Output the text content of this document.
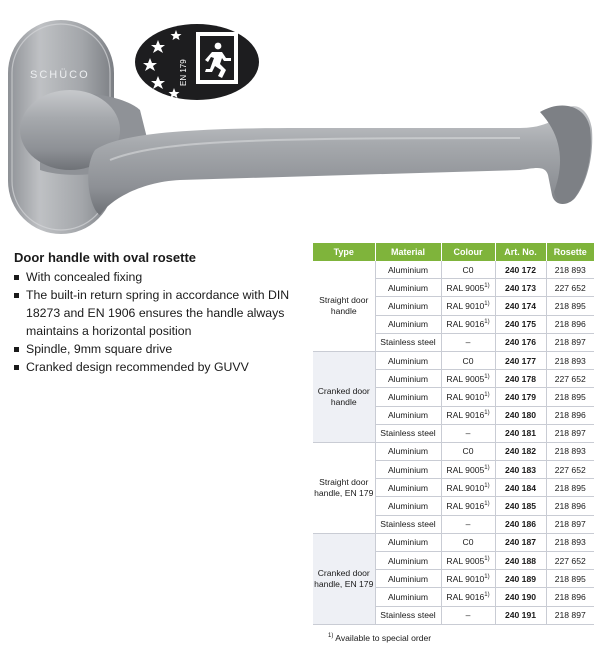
SCHÜCO	EN 179
Door handle with oval rosette
With concealed fixing
The built-in return spring in accordance with DIN 18273 and EN 1906 ensures the handle always maintains a horizontal position
Spindle, 9mm square drive
Cranked design recommended by GUVV
Type	Material	Colour	Art. No.	Rosette
Straight door handle	Aluminium	C0	240 172	218 893
	Aluminium	RAL 9005$^{1)}$	240 173	227 652
	Aluminium	RAL 9010$^{1)}$	240 174	218 895
	Aluminium	RAL 9016$^{1)}$	240 175	218 896
	Stainless steel	–	240 176	218 897
Cranked door handle	Aluminium	C0	240 177	218 893
	Aluminium	RAL 9005$^{1)}$	240 178	227 652
	Aluminium	RAL 9010$^{1)}$	240 179	218 895
	Aluminium	RAL 9016$^{1)}$	240 180	218 896
	Stainless steel	–	240 181	218 897
Straight door handle, EN 179	Aluminium	C0	240 182	218 893
	Aluminium	RAL 9005$^{1)}$	240 183	227 652
	Aluminium	RAL 9010$^{1)}$	240 184	218 895
	Aluminium	RAL 9016$^{1)}$	240 185	218 896
	Stainless steel	–	240 186	218 897
Cranked door handle, EN 179	Aluminium	C0	240 187	218 893
	Aluminium	RAL 9005$^{1)}$	240 188	227 652
	Aluminium	RAL 9010$^{1)}$	240 189	218 895
	Aluminium	RAL 9016$^{1)}$	240 190	218 896
	Stainless steel	–	240 191	218 897
$^{1)}$ Available to special order
